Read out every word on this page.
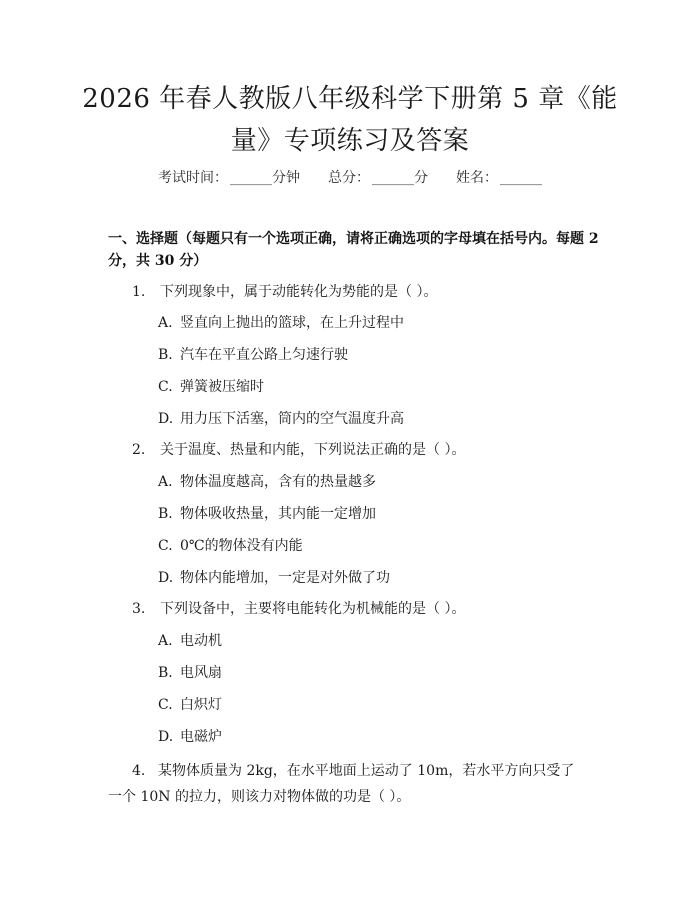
2026 年春人教版八年级科学下册第 5 章《能量》专项练习及答案
考试时间： ______分钟 总分： ______分 姓名： ______
一、选择题（每题只有一个选项正确，请将正确选项的字母填在括号内。每题 2 分，共 30 分）
1. 下列现象中，属于动能转化为势能的是（ ）。
A. 竖直向上抛出的篮球，在上升过程中
B. 汽车在平直公路上匀速行驶
C. 弹簧被压缩时
D. 用力压下活塞，筒内的空气温度升高
2. 关于温度、热量和内能，下列说法正确的是（ ）。
A. 物体温度越高，含有的热量越多
B. 物体吸收热量，其内能一定增加
C. 0℃的物体没有内能
D. 物体内能增加，一定是对外做了功
3. 下列设备中，主要将电能转化为机械能的是（ ）。
A. 电动机
B. 电风扇
C. 白炽灯
D. 电磁炉
4. 某物体质量为 2kg，在水平地面上运动了 10m，若水平方向只受了一个 10N 的拉力，则该力对物体做的功是（ ）。
